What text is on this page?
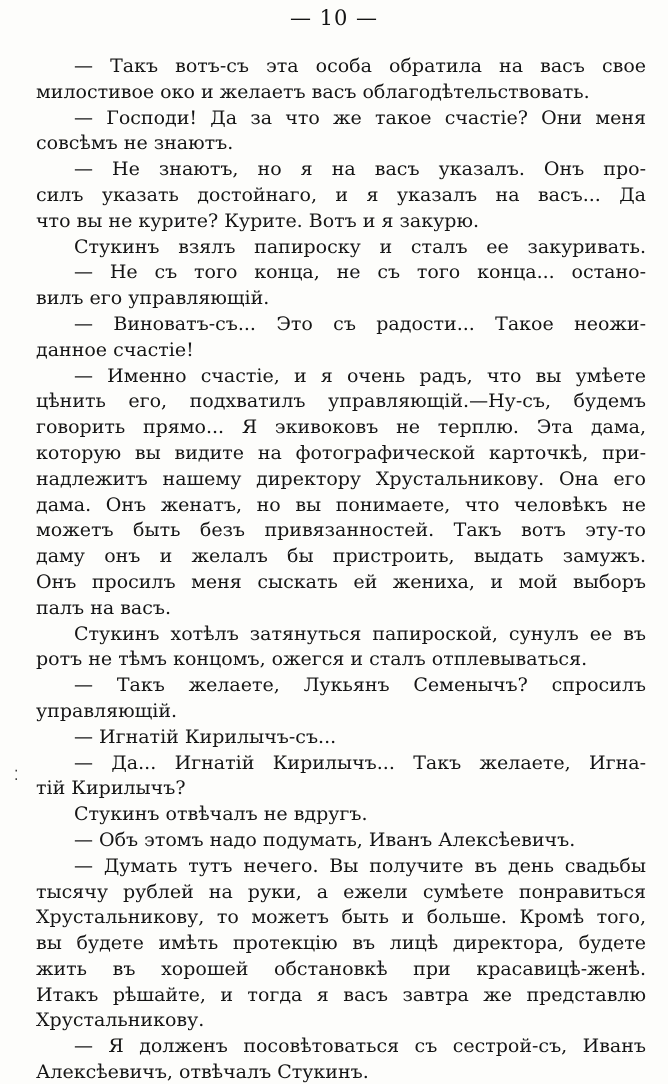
— 10 —
⁚
— Такъ вотъ-съ эта особа обратила на васъ свое
милостивое око и желаетъ васъ облагодѣтельствовать.
— Господи! Да за что же такое счастіе? Они меня
совсѣмъ не знаютъ.
— Не знаютъ, но я на васъ указалъ. Онъ про-
силъ указать достойнаго, и я указалъ на васъ... Да
что вы не курите? Курите. Вотъ и я закурю.
Стукинъ взялъ папироску и сталъ ее закуривать.
— Не съ того конца, не съ того конца... остано-
вилъ его управляющій.
— Виноватъ-съ... Это съ радости... Такое неожи-
данное счастіе!
— Именно счастіе, и я очень радъ, что вы умѣете
цѣнить его, подхватилъ управляющій.—Ну-съ, будемъ
говорить прямо... Я экивоковъ не терплю. Эта дама,
которую вы видите на фотографической карточкѣ, при-
надлежитъ нашему директору Хрустальникову. Она его
дама. Онъ женатъ, но вы понимаете, что человѣкъ не
можетъ быть безъ привязанностей. Такъ вотъ эту-то
даму онъ и желалъ бы пристроить, выдать замужъ.
Онъ просилъ меня сыскать ей жениха, и мой выборъ
палъ на васъ.
Стукинъ хотѣлъ затянуться папироской, сунулъ ее въ
ротъ не тѣмъ концомъ, ожегся и сталъ отплевываться.
— Такъ желаете, Лукьянъ Семенычъ? спросилъ
управляющій.
— Игнатій Кирилычъ-съ...
— Да... Игнатій Кирилычъ... Такъ желаете, Игна-
тій Кирилычъ?
Стукинъ отвѣчалъ не вдругъ.
— Объ этомъ надо подумать, Иванъ Алексѣевичъ.
— Думать тутъ нечего. Вы получите въ день свадьбы
тысячу рублей на руки, а ежели сумѣете понравиться
Хрустальникову, то можетъ быть и больше. Кромѣ того,
вы будете имѣть протекцію въ лицѣ директора, будете
жить въ хорошей обстановкѣ при красавицѣ-женѣ.
Итакъ рѣшайте, и тогда я васъ завтра же представлю
Хрустальникову.
— Я долженъ посовѣтоваться съ сестрой-съ, Иванъ
Алексѣевичъ, отвѣчалъ Стукинъ.
